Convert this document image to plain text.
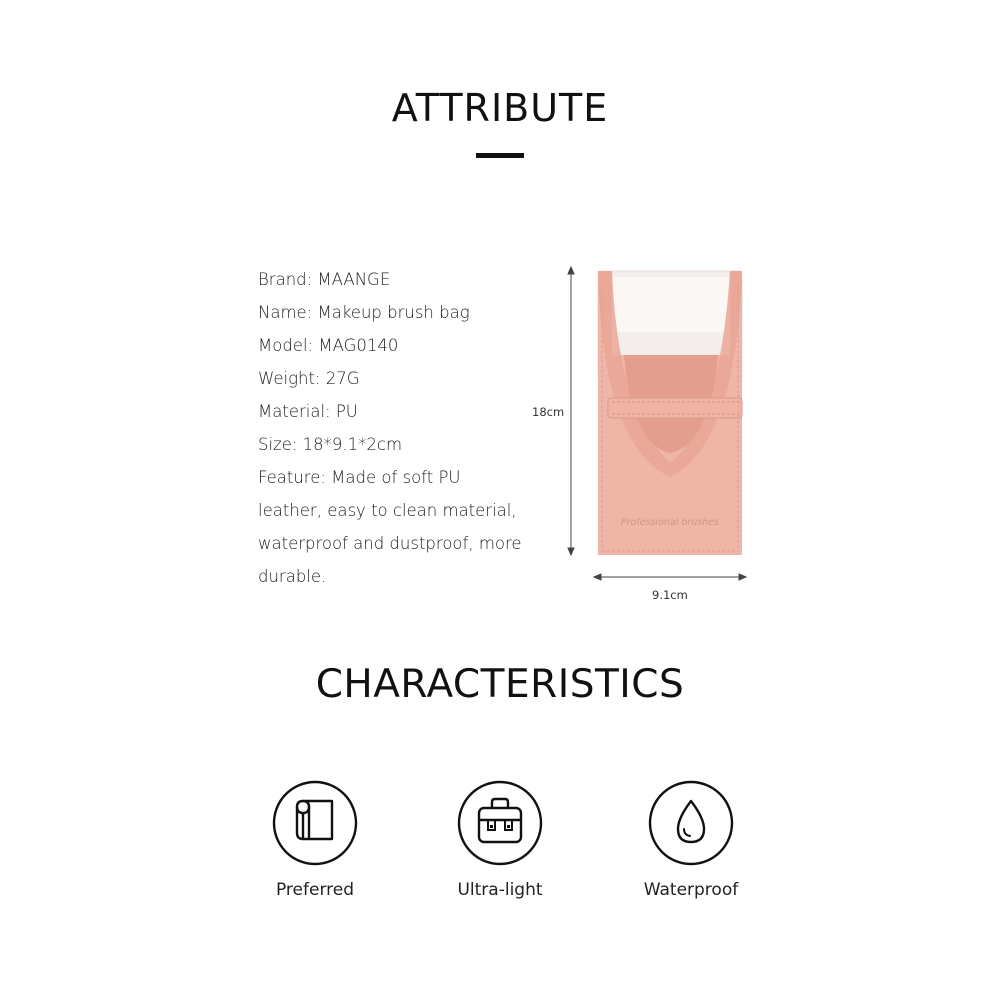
ATTRIBUTE
Brand: MAANGE
Name: Makeup brush bag
Model: MAG0140
Weight: 27G
Material: PU
Size: 18*9.1*2cm
Feature: Made of soft PU
leather, easy to clean material,
waterproof and dustproof, more
durable.
Professional brushes
18cm
9.1cm
CHARACTERISTICS
Preferred	Ultra-light	Waterproof
